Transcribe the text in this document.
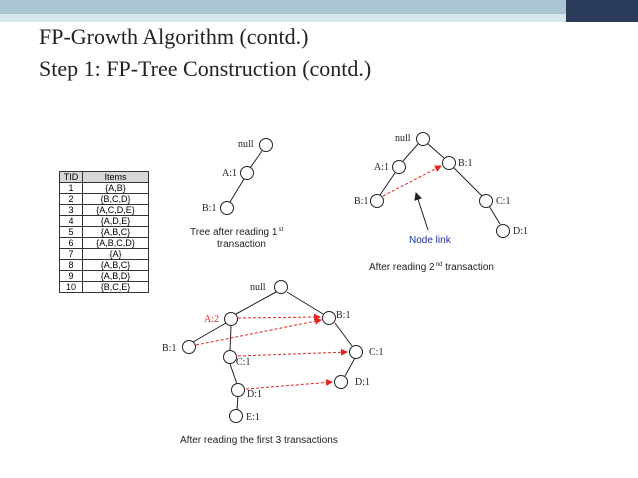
FP-Growth Algorithm (contd.)
Step 1: FP-Tree Construction (contd.)
TID	Items
1	{A,B}
2	{B,C,D}
3	{A,C,D,E}
4	{A,D,E}
5	{A,B,C}
6	{A,B,C,D}
7	{A}
8	{A,B,C}
9	{A,B,D}
10	{B,C,E}
null
A:1
B:1
Tree after reading 1st
transaction
null
A:1	B:1
B:1	C:1
D:1
Node link
After reading 2nd transaction
null
A:2	B:1
B:1
C:1
C:1
D:1
D:1
E:1
After reading the first 3 transactions
